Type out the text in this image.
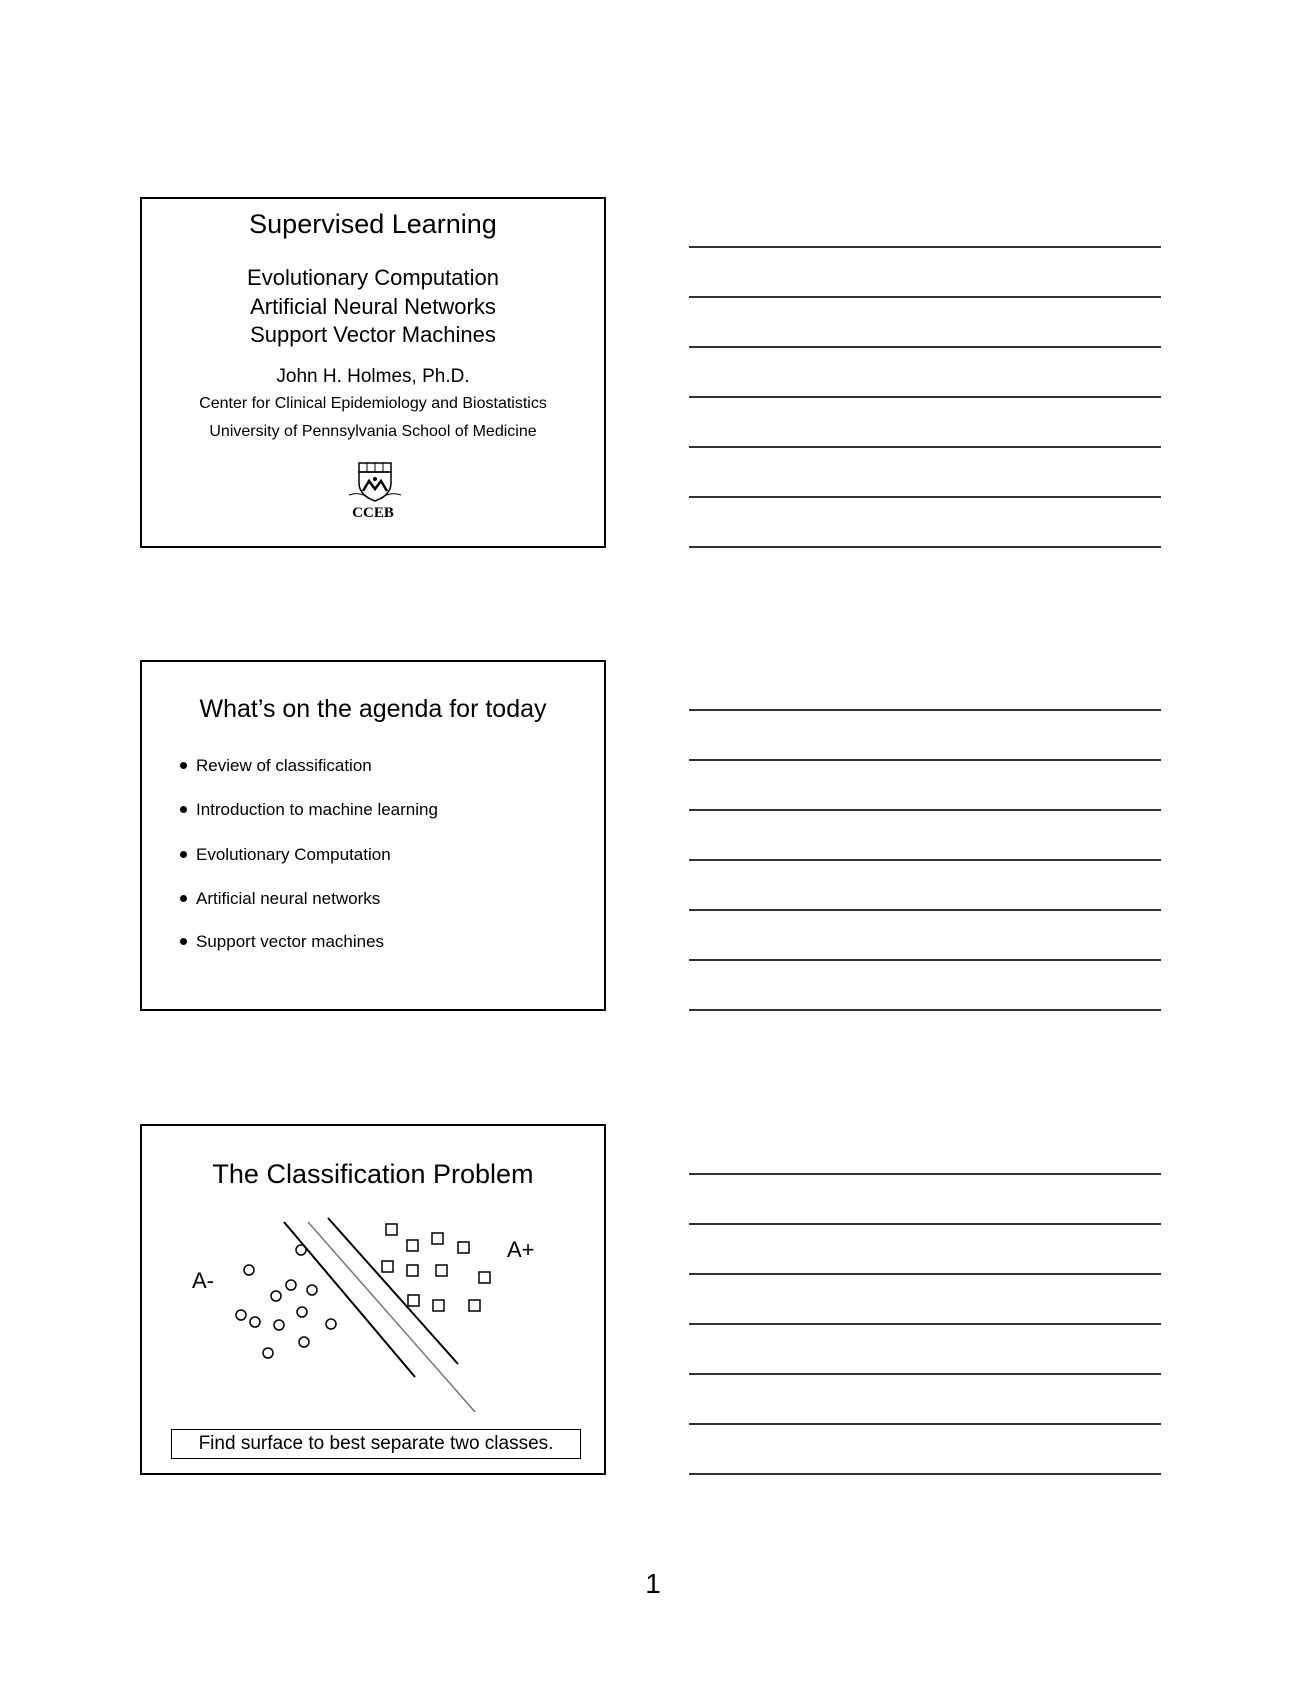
Supervised Learning
Evolutionary Computation
Artificial Neural Networks
Support Vector Machines
John H. Holmes, Ph.D.
Center for Clinical Epidemiology and Biostatistics
University of Pennsylvania School of Medicine
CCEB
What’s on the agenda for today
Review of classification
Introduction to machine learning
Evolutionary Computation
Artificial neural networks
Support vector machines
The Classification Problem
A-
A+
Find surface to best separate two classes.
1
